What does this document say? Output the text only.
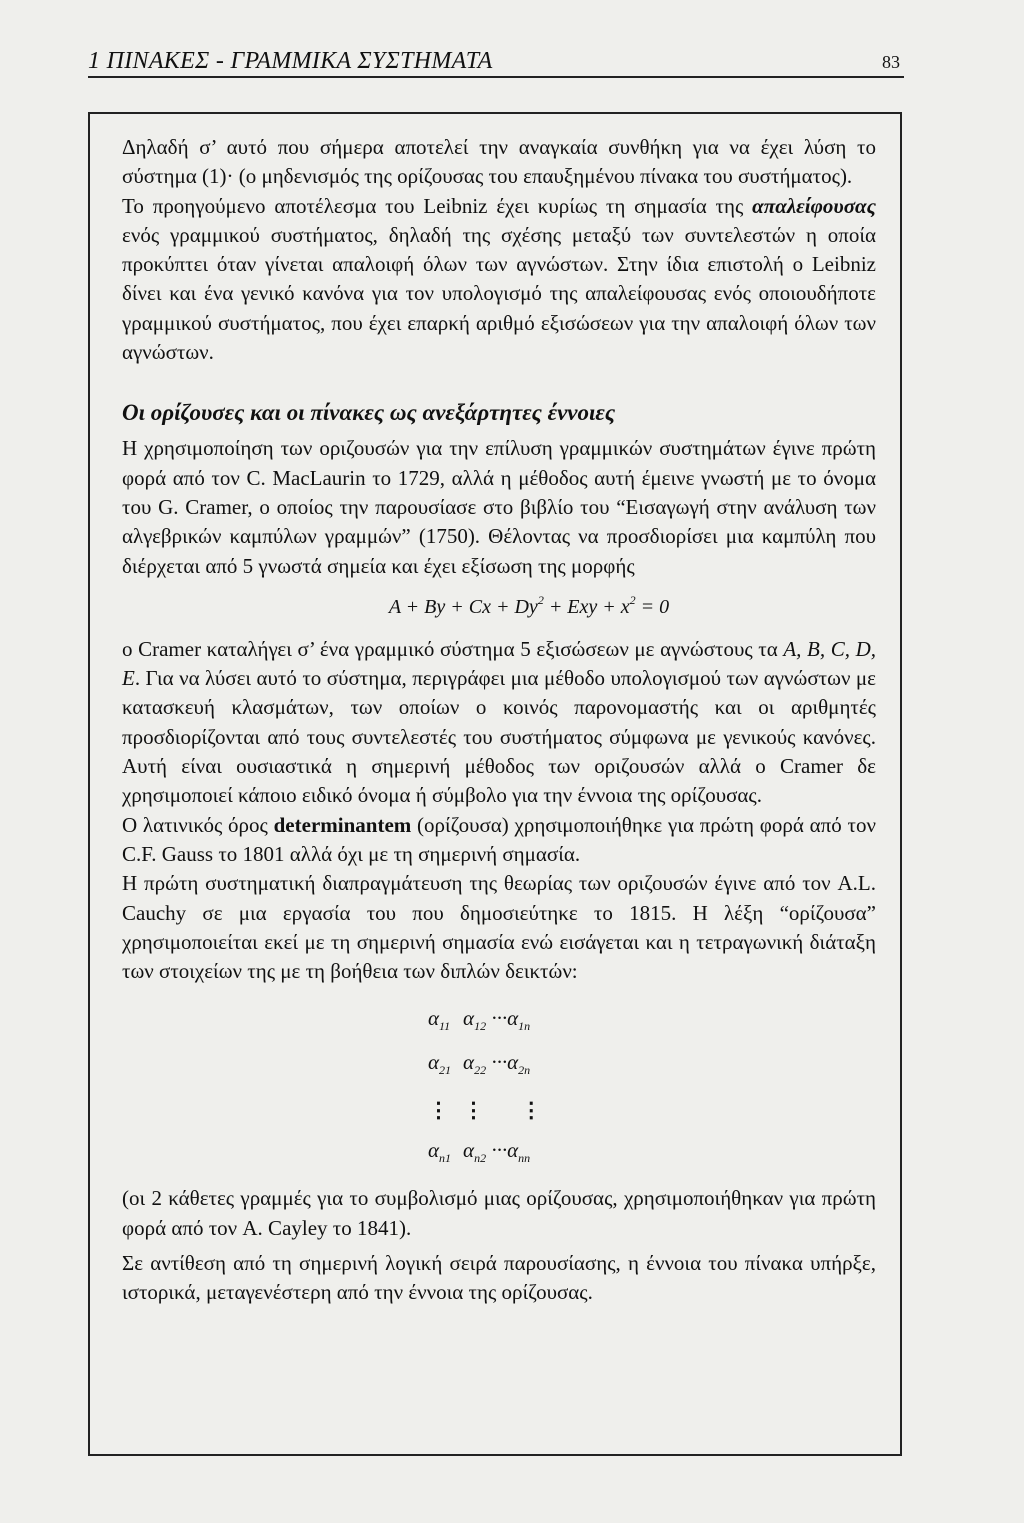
1 ΠΙΝΑΚΕΣ - ΓΡΑΜΜΙΚΑ ΣΥΣΤΗΜΑΤΑ	83

Δηλαδή σ’ αυτό που σήμερα αποτελεί την αναγκαία συνθήκη για να έχει λύση το σύστημα (1)· (ο μηδενισμός της ορίζουσας του επαυξημένου πίνακα του συστήματος).

Το προηγούμενο αποτέλεσμα του Leibniz έχει κυρίως τη σημασία της απαλείφουσας ενός γραμμικού συστήματος, δηλαδή της σχέσης μεταξύ των συντελεστών η οποία προκύπτει όταν γίνεται απαλοιφή όλων των αγνώστων. Στην ίδια επιστολή ο Leibniz δίνει και ένα γενικό κανόνα για τον υπολογισμό της απαλείφουσας ενός οποιουδήποτε γραμμικού συστήματος, που έχει επαρκή αριθμό εξισώσεων για την απαλοιφή όλων των αγνώστων.

Οι ορίζουσες και οι πίνακες ως ανεξάρτητες έννοιες

Η χρησιμοποίηση των οριζουσών για την επίλυση γραμμικών συστημάτων έγινε πρώτη φορά από τον C. MacLaurin το 1729, αλλά η μέθοδος αυτή έμεινε γνωστή με το όνομα του G. Cramer, ο οποίος την παρουσίασε στο βιβλίο του “Εισαγωγή στην ανάλυση των αλγεβρικών καμπύλων γραμμών” (1750). Θέλοντας να προσδιορίσει μια καμπύλη που διέρχεται από 5 γνωστά σημεία και έχει εξίσωση της μορφής

$A + By + Cx + Dy^2$ + Exy + $x^2 = 0$

ο Cramer καταλήγει σ’ ένα γραμμικό σύστημα 5 εξισώσεων με αγνώστους τα A, B, C, D, E. Για να λύσει αυτό το σύστημα, περιγράφει μια μέθοδο υπολογισμού των αγνώστων με κατασκευή κλασμάτων, των οποίων ο κοινός παρονομαστής και οι αριθμητές προσδιορίζονται από τους συντελεστές του συστήματος σύμφωνα με γενικούς κανόνες. Αυτή είναι ουσιαστικά η σημερινή μέθοδος των οριζουσών αλλά ο Cramer δε χρησιμοποιεί κάποιο ειδικό όνομα ή σύμβολο για την έννοια της ορίζουσας.

Ο λατινικός όρος determinantem (ορίζουσα) χρησιμοποιήθηκε για πρώτη φορά από τον C.F. Gauss το 1801 αλλά όχι με τη σημερινή σημασία.

Η πρώτη συστηματική διαπραγμάτευση της θεωρίας των οριζουσών έγινε από τον A.L. Cauchy σε μια εργασία του που δημοσιεύτηκε το 1815. Η λέξη “ορίζουσα” χρησιμοποιείται εκεί με τη σημερινή σημασία ενώ εισάγεται και η τετραγωνική διάταξη των στοιχείων της με τη βοήθεια των διπλών δεικτών:

$\alpha_{11}$	$\alpha_{12} \cdot\cdot\cdot\alpha_{1n}$
$\alpha_{21}$	$\alpha_{22} \cdot\cdot\cdot\alpha_{2n}$
⋮	⋮ ⋮
$\alpha_{n1}$	$\alpha_{n2} \cdot\cdot\cdot\alpha_{nn}$

(οι 2 κάθετες γραμμές για το συμβολισμό μιας ορίζουσας, χρησιμοποιήθηκαν για πρώτη φορά από τον A. Cayley το 1841).

Σε αντίθεση από τη σημερινή λογική σειρά παρουσίασης, η έννοια του πίνακα υπήρξε, ιστορικά, μεταγενέστερη από την έννοια της ορίζουσας.
